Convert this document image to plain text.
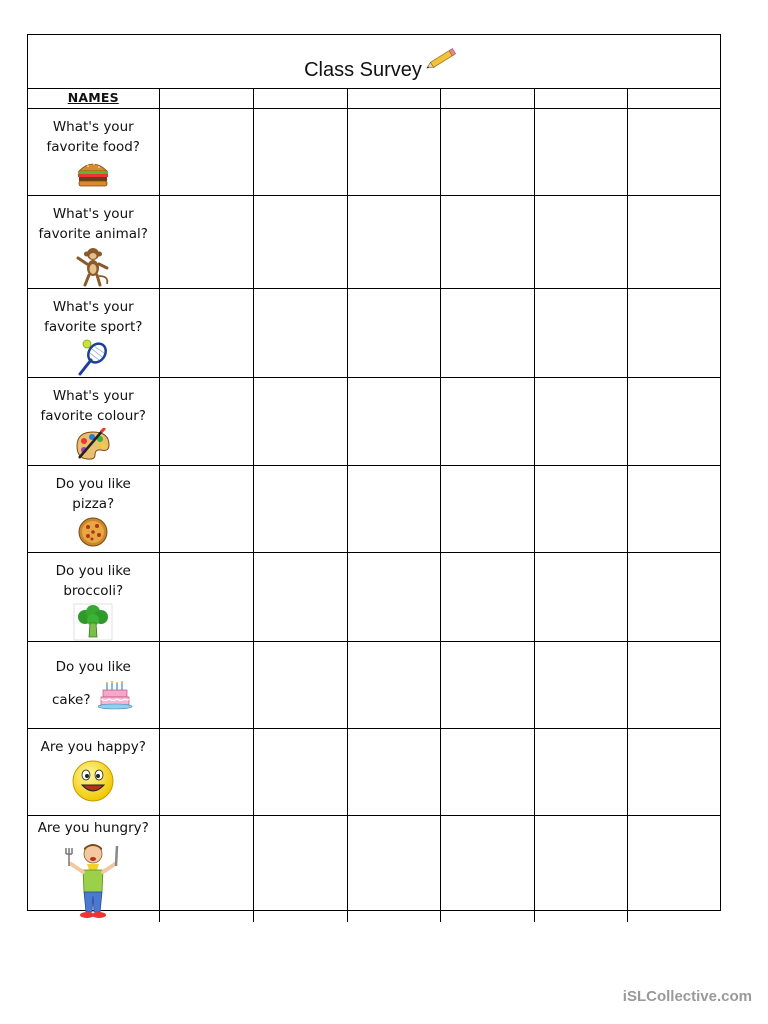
Class Survey
NAMES						

What's your
favorite food?						

What's your
favorite animal?						

What's your
favorite sport?						

What's your
favorite colour?						

Do you like
pizza?						

Do you like
broccoli?						

Do you like
cake?						

Are you happy?						

Are you hungry?						

iSLCollective.com
